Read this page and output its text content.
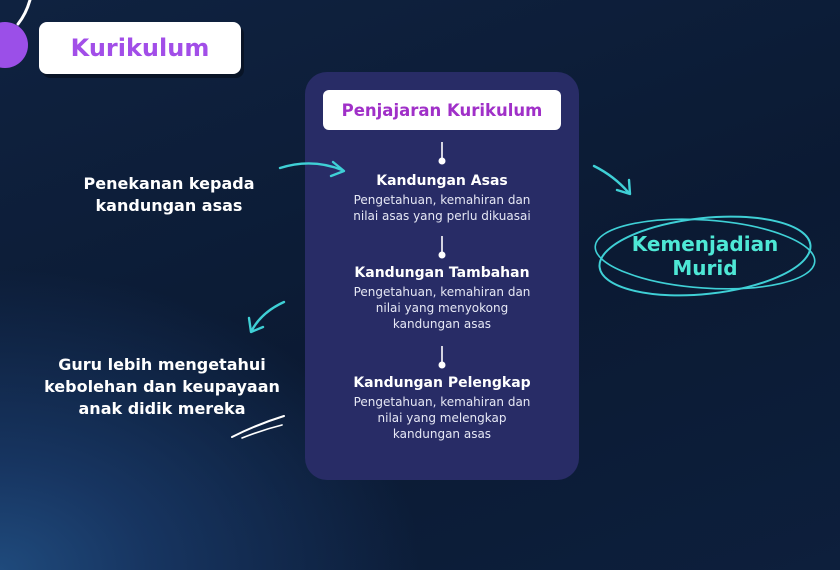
Kurikulum
Penjajaran Kurikulum
Kandungan Asas
Pengetahuan, kemahiran dan
nilai asas yang perlu dikuasai
Kandungan Tambahan
Pengetahuan, kemahiran dan
nilai yang menyokong
kandungan asas
Kandungan Pelengkap
Pengetahuan, kemahiran dan
nilai yang melengkap
kandungan asas
Penekanan kepada
kandungan asas
Guru lebih mengetahui
kebolehan dan keupayaan
anak didik mereka
Kemenjadian
Murid
